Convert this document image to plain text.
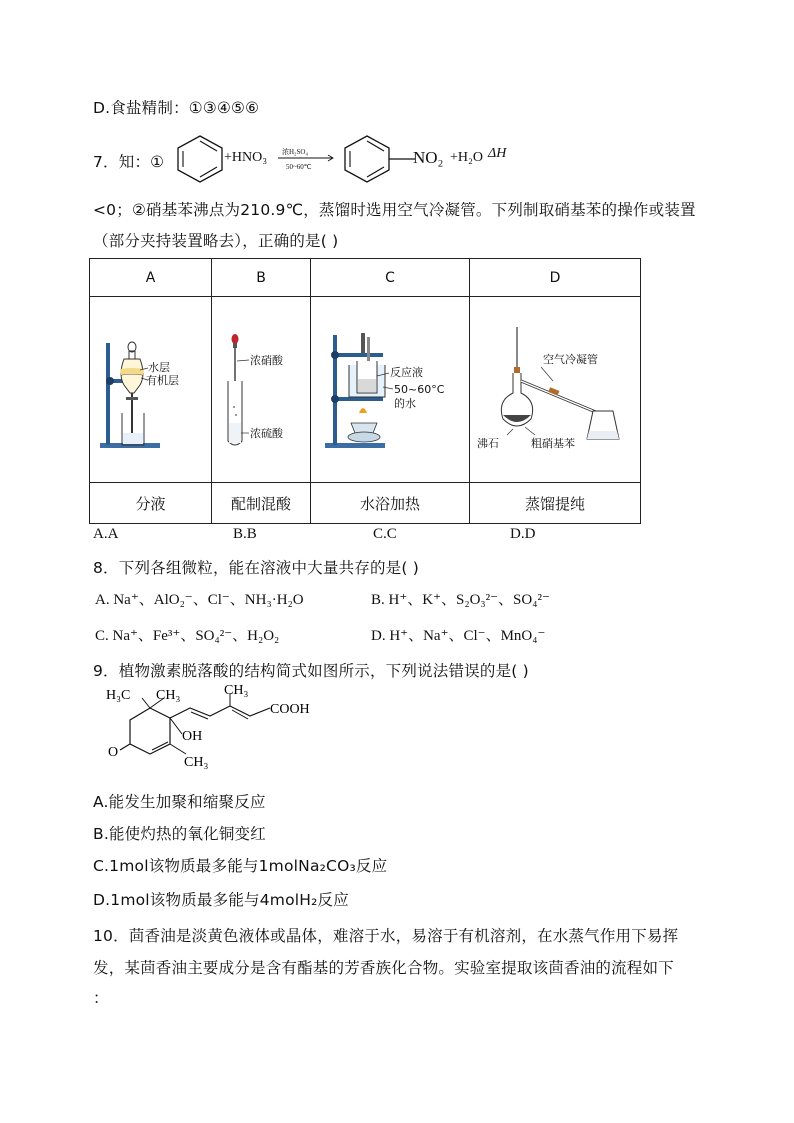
D.食盐精制：①③④⑤⑥
7．知：①	+HNO₃ 浓H₂SO₄
50~60℃	NO₂ +H₂O ΔH
<0；②硝基苯沸点为210.9℃，蒸馏时选用空气冷凝管。下列制取硝基苯的操作或装置
（部分夹持装置略去），正确的是( )
A	B	C	D

水层
有机层	浓硝酸
浓硫酸	反应液
50~60°C
的水	空气冷凝管
沸石 粗硝基苯

分液	配制混酸	水浴加热	蒸馏提纯
A.A	B.B	C.C	D.D
8．下列各组微粒，能在溶液中大量共存的是( )
A. Na⁺、AlO₂⁻、Cl⁻、NH₃·H₂O	B. H⁺、K⁺、S₂O₃²⁻、SO₄²⁻
C. Na⁺、Fe³⁺、SO₄²⁻、H₂O₂	D. H⁺、Na⁺、Cl⁻、MnO₄⁻
9．植物激素脱落酸的结构简式如图所示，下列说法错误的是( )
H₃C CH₃	CH₃
COOH
OH
O
CH₃
A.能发生加聚和缩聚反应
B.能使灼热的氧化铜变红
C.1mol该物质最多能与1molNa₂CO₃反应
D.1mol该物质最多能与4molH₂反应
10．茴香油是淡黄色液体或晶体，难溶于水，易溶于有机溶剂，在水蒸气作用下易挥
发，某茴香油主要成分是含有酯基的芳香族化合物。实验室提取该茴香油的流程如下
：
